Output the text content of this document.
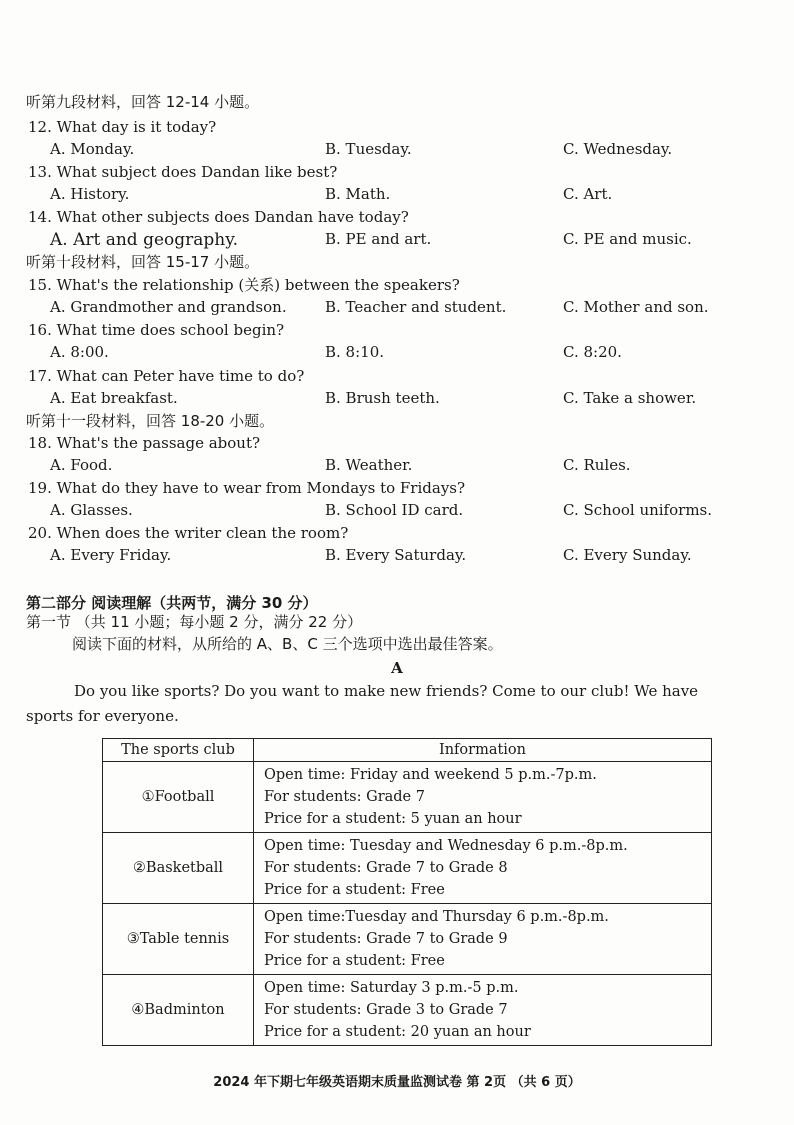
听第九段材料，回答 12-14 小题。
12. What day is it today?
A. Monday.	B. Tuesday.	C. Wednesday.
13. What subject does Dandan like best?
A. History.	B. Math.	C. Art.
14. What other subjects does Dandan have today?
A. Art and geography.	B. PE and art.	C. PE and music.
听第十段材料，回答 15-17 小题。
15. What's the relationship (关系) between the speakers?
A. Grandmother and grandson.	B. Teacher and student.	C. Mother and son.
16. What time does school begin?
A. 8:00.	B. 8:10.	C. 8:20.
17. What can Peter have time to do?
A. Eat breakfast.	B. Brush teeth.	C. Take a shower.
听第十一段材料，回答 18-20 小题。
18. What's the passage about?
A. Food.	B. Weather.	C. Rules.
19. What do they have to wear from Mondays to Fridays?
A. Glasses.	B. School ID card.	C. School uniforms.
20. When does the writer clean the room?
A. Every Friday.	B. Every Saturday.	C. Every Sunday.
第二部分 阅读理解（共两节，满分 30 分）
第一节 （共 11 小题；每小题 2 分，满分 22 分）
阅读下面的材料，从所给的 A、B、C 三个选项中选出最佳答案。
A
Do you like sports? Do you want to make new friends? Come to our club! We have
sports for everyone.
The sports club	Information
①Football	Open time: Friday and weekend 5 p.m.-7p.m.
For students: Grade 7
Price for a student: 5 yuan an hour

②Basketball	Open time: Tuesday and Wednesday 6 p.m.-8p.m.
For students: Grade 7 to Grade 8
Price for a student: Free

③Table tennis	Open time:Tuesday and Thursday 6 p.m.-8p.m.
For students: Grade 7 to Grade 9
Price for a student: Free

④Badminton	Open time: Saturday 3 p.m.-5 p.m.
For students: Grade 3 to Grade 7
Price for a student: 20 yuan an hour
2024 年下期七年级英语期末质量监测试卷 第 2页 （共 6 页）
